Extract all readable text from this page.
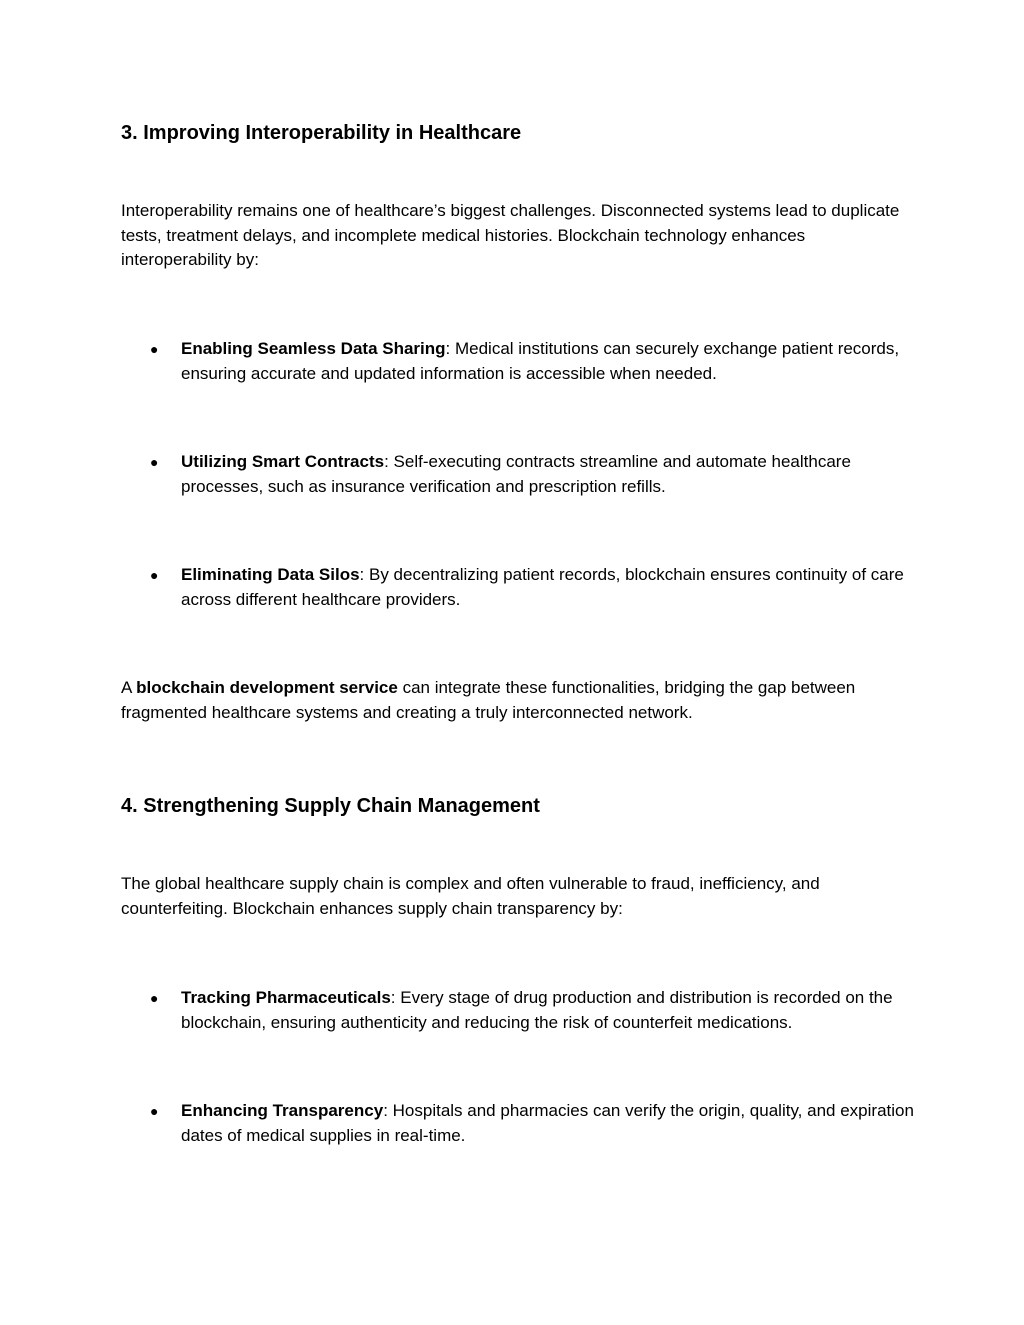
3. Improving Interoperability in Healthcare

Interoperability remains one of healthcare’s biggest challenges. Disconnected systems lead to duplicate tests, treatment delays, and incomplete medical histories. Blockchain technology enhances interoperability by:

●	Enabling Seamless Data Sharing: Medical institutions can securely exchange patient records, ensuring accurate and updated information is accessible when needed.
●	Utilizing Smart Contracts: Self-executing contracts streamline and automate healthcare processes, such as insurance verification and prescription refills.
●	Eliminating Data Silos: By decentralizing patient records, blockchain ensures continuity of care across different healthcare providers.

A blockchain development service can integrate these functionalities, bridging the gap between fragmented healthcare systems and creating a truly interconnected network.

4. Strengthening Supply Chain Management

The global healthcare supply chain is complex and often vulnerable to fraud, inefficiency, and counterfeiting. Blockchain enhances supply chain transparency by:

●	Tracking Pharmaceuticals: Every stage of drug production and distribution is recorded on the blockchain, ensuring authenticity and reducing the risk of counterfeit medications.
●	Enhancing Transparency: Hospitals and pharmacies can verify the origin, quality, and expiration dates of medical supplies in real-time.
